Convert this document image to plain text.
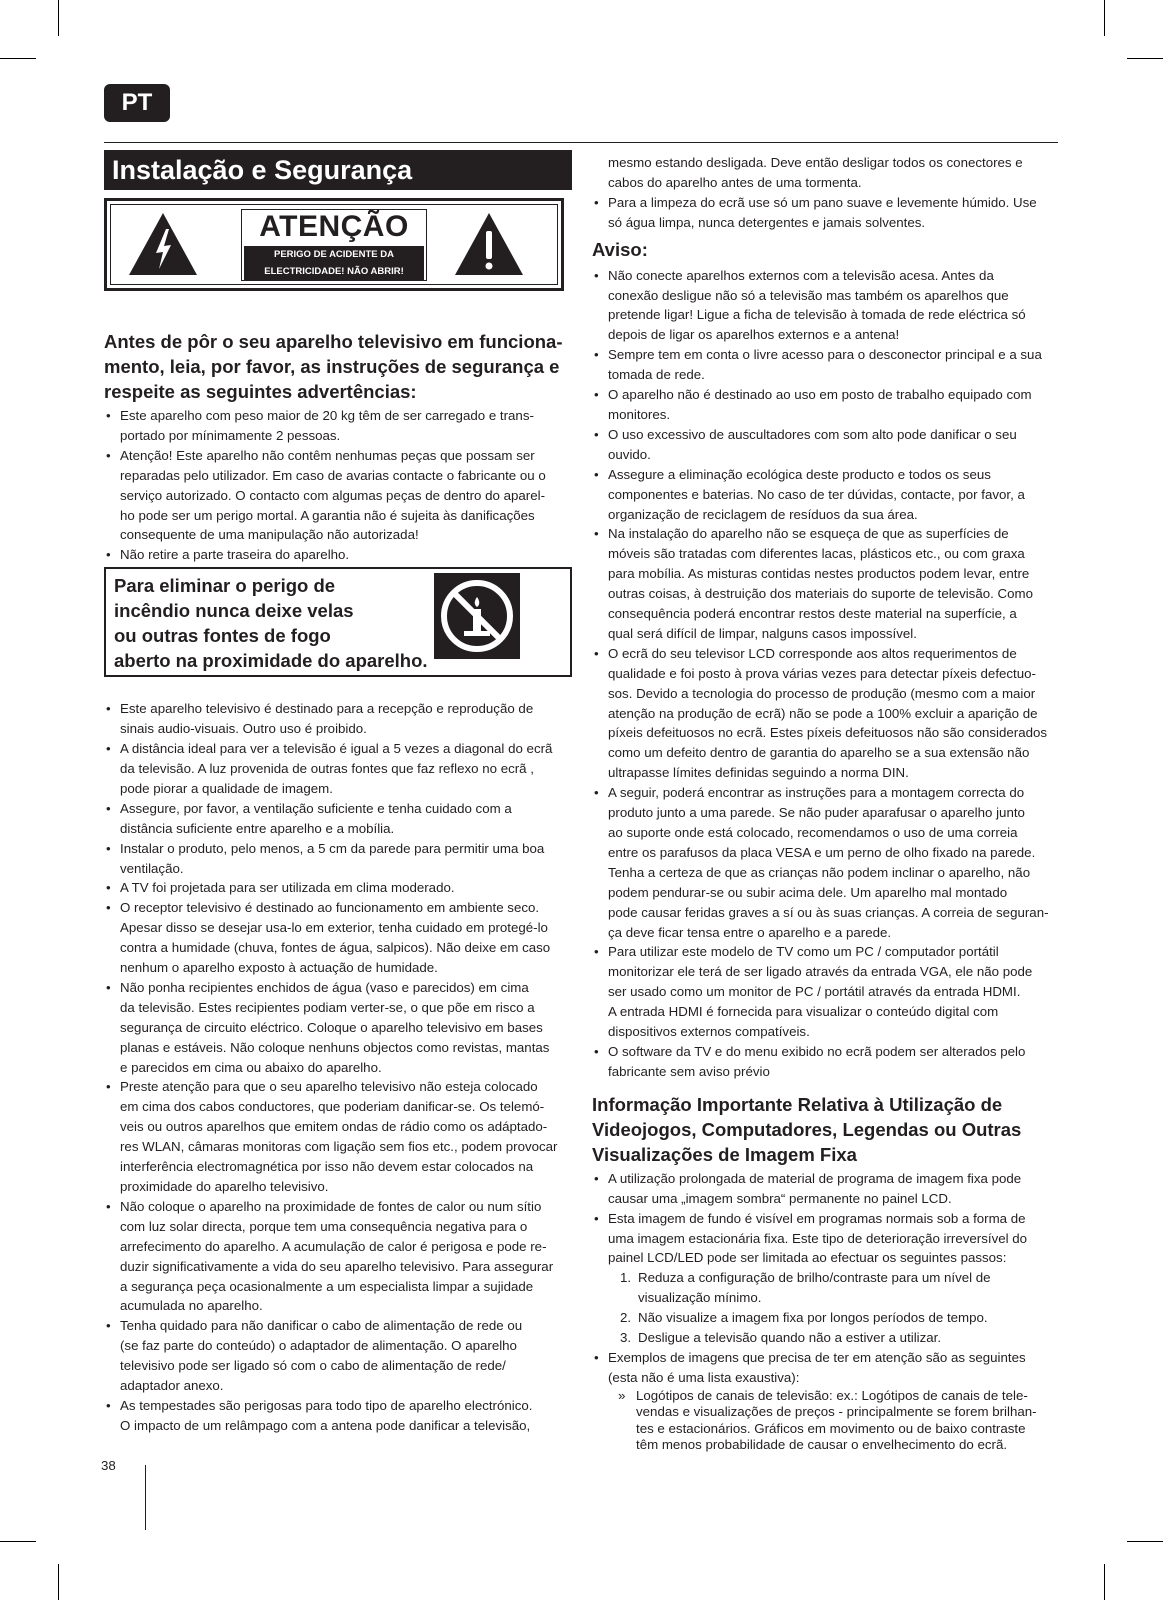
PT
Instalação e Segurança
ATENÇÃO
PERIGO DE ACIDENTE DA
ELECTRICIDADE! NÃO ABRIR!
Antes de pôr o seu aparelho televisivo em funciona-
mento, leia, por favor, as instruções de segurança e
respeite as seguintes advertências:
• Este aparelho com peso maior de 20 kg têm de ser carregado e trans-
portado por mínimamente 2 pessoas.
• Atenção! Este aparelho não contêm nenhumas peças que possam ser
reparadas pelo utilizador. Em caso de avarias contacte o fabricante ou o
serviço autorizado. O contacto com algumas peças de dentro do aparel-
ho pode ser um perigo mortal. A garantia não é sujeita às danificações
consequente de uma manipulação não autorizada!
• Não retire a parte traseira do aparelho.
Para eliminar o perigo de
incêndio nunca deixe velas
ou outras fontes de fogo
aberto na proximidade do aparelho.
• Este aparelho televisivo é destinado para a recepção e reprodução de
sinais audio-visuais. Outro uso é proibido.
• A distância ideal para ver a televisão é igual a 5 vezes a diagonal do ecrã
da televisão. A luz provenida de outras fontes que faz reflexo no ecrã ,
pode piorar a qualidade de imagem.
• Assegure, por favor, a ventilação suficiente e tenha cuidado com a
distância suficiente entre aparelho e a mobília.
• Instalar o produto, pelo menos, a 5 cm da parede para permitir uma boa
ventilação.
• A TV foi projetada para ser utilizada em clima moderado.
• O receptor televisivo é destinado ao funcionamento em ambiente seco.
Apesar disso se desejar usa-lo em exterior, tenha cuidado em protegé-lo
contra a humidade (chuva, fontes de água, salpicos). Não deixe em caso
nenhum o aparelho exposto à actuação de humidade.
• Não ponha recipientes enchidos de água (vaso e parecidos) em cima
da televisão. Estes recipientes podiam verter-se, o que põe em risco a
segurança de circuito eléctrico. Coloque o aparelho televisivo em bases
planas e estáveis. Não coloque nenhuns objectos como revistas, mantas
e parecidos em cima ou abaixo do aparelho.
• Preste atenção para que o seu aparelho televisivo não esteja colocado
em cima dos cabos conductores, que poderiam danificar-se. Os telemó-
veis ou outros aparelhos que emitem ondas de rádio como os adáptado-
res WLAN, câmaras monitoras com ligação sem fios etc., podem provocar
interferência electromagnética por isso não devem estar colocados na
proximidade do aparelho televisivo.
• Não coloque o aparelho na proximidade de fontes de calor ou num sítio
com luz solar directa, porque tem uma consequência negativa para o
arrefecimento do aparelho. A acumulação de calor é perigosa e pode re-
duzir significativamente a vida do seu aparelho televisivo. Para assegurar
a segurança peça ocasionalmente a um especialista limpar a sujidade
acumulada no aparelho.
• Tenha quidado para não danificar o cabo de alimentação de rede ou
(se faz parte do conteúdo) o adaptador de alimentação. O aparelho
televisivo pode ser ligado só com o cabo de alimentação de rede/
adaptador anexo.
• As tempestades são perigosas para todo tipo de aparelho electrónico.
O impacto de um relâmpago com a antena pode danificar a televisão,
mesmo estando desligada. Deve então desligar todos os conectores e
cabos do aparelho antes de uma tormenta.
• Para a limpeza do ecrã use só um pano suave e levemente húmido. Use
só água limpa, nunca detergentes e jamais solventes.
Aviso:
• Não conecte aparelhos externos com a televisão acesa. Antes da
conexão desligue não só a televisão mas também os aparelhos que
pretende ligar! Ligue a ficha de televisão à tomada de rede eléctrica só
depois de ligar os aparelhos externos e a antena!
• Sempre tem em conta o livre acesso para o desconector principal e a sua
tomada de rede.
• O aparelho não é destinado ao uso em posto de trabalho equipado com
monitores.
• O uso excessivo de auscultadores com som alto pode danificar o seu
ouvido.
• Assegure a eliminação ecológica deste producto e todos os seus
componentes e baterias. No caso de ter dúvidas, contacte, por favor, a
organização de reciclagem de resíduos da sua área.
• Na instalação do aparelho não se esqueça de que as superfícies de
móveis são tratadas com diferentes lacas, plásticos etc., ou com graxa
para mobília. As misturas contidas nestes productos podem levar, entre
outras coisas, à destruição dos materiais do suporte de televisão. Como
consequência poderá encontrar restos deste material na superfície, a
qual será difícil de limpar, nalguns casos impossível.
• O ecrã do seu televisor LCD corresponde aos altos requerimentos de
qualidade e foi posto à prova várias vezes para detectar píxeis defectuo-
sos. Devido a tecnologia do processo de produção (mesmo com a maior
atenção na produção de ecrã) não se pode a 100% excluir a aparição de
píxeis defeituosos no ecrã. Estes píxeis defeituosos não são considerados
como um defeito dentro de garantia do aparelho se a sua extensão não
ultrapasse límites definidas seguindo a norma DIN.
• A seguir, poderá encontrar as instruções para a montagem correcta do
produto junto a uma parede. Se não puder aparafusar o aparelho junto
ao suporte onde está colocado, recomendamos o uso de uma correia
entre os parafusos da placa VESA e um perno de olho fixado na parede.
Tenha a certeza de que as crianças não podem inclinar o aparelho, não
podem pendurar-se ou subir acima dele. Um aparelho mal montado
pode causar feridas graves a sí ou às suas crianças. A correia de seguran-
ça deve ficar tensa entre o aparelho e a parede.
• Para utilizar este modelo de TV como um PC / computador portátil
monitorizar ele terá de ser ligado através da entrada VGA, ele não pode
ser usado como um monitor de PC / portátil através da entrada HDMI.
A entrada HDMI é fornecida para visualizar o conteúdo digital com
dispositivos externos compatíveis.
• O software da TV e do menu exibido no ecrã podem ser alterados pelo
fabricante sem aviso prévio
Informação Importante Relativa à Utilização de
Videojogos, Computadores, Legendas ou Outras
Visualizações de Imagem Fixa
• A utilização prolongada de material de programa de imagem fixa pode
causar uma „imagem sombra“ permanente no painel LCD.
• Esta imagem de fundo é visível em programas normais sob a forma de
uma imagem estacionária fixa. Este tipo de deterioração irreversível do
painel LCD/LED pode ser limitada ao efectuar os seguintes passos:
1. Reduza a configuração de brilho/contraste para um nível de
visualização mínimo.
2. Não visualize a imagem fixa por longos períodos de tempo.
3. Desligue a televisão quando não a estiver a utilizar.
• Exemplos de imagens que precisa de ter em atenção são as seguintes
(esta não é uma lista exaustiva):
» Logótipos de canais de televisão: ex.: Logótipos de canais de tele-
vendas e visualizações de preços - principalmente se forem brilhan-
tes e estacionários. Gráficos em movimento ou de baixo contraste
têm menos probabilidade de causar o envelhecimento do ecrã.
38
